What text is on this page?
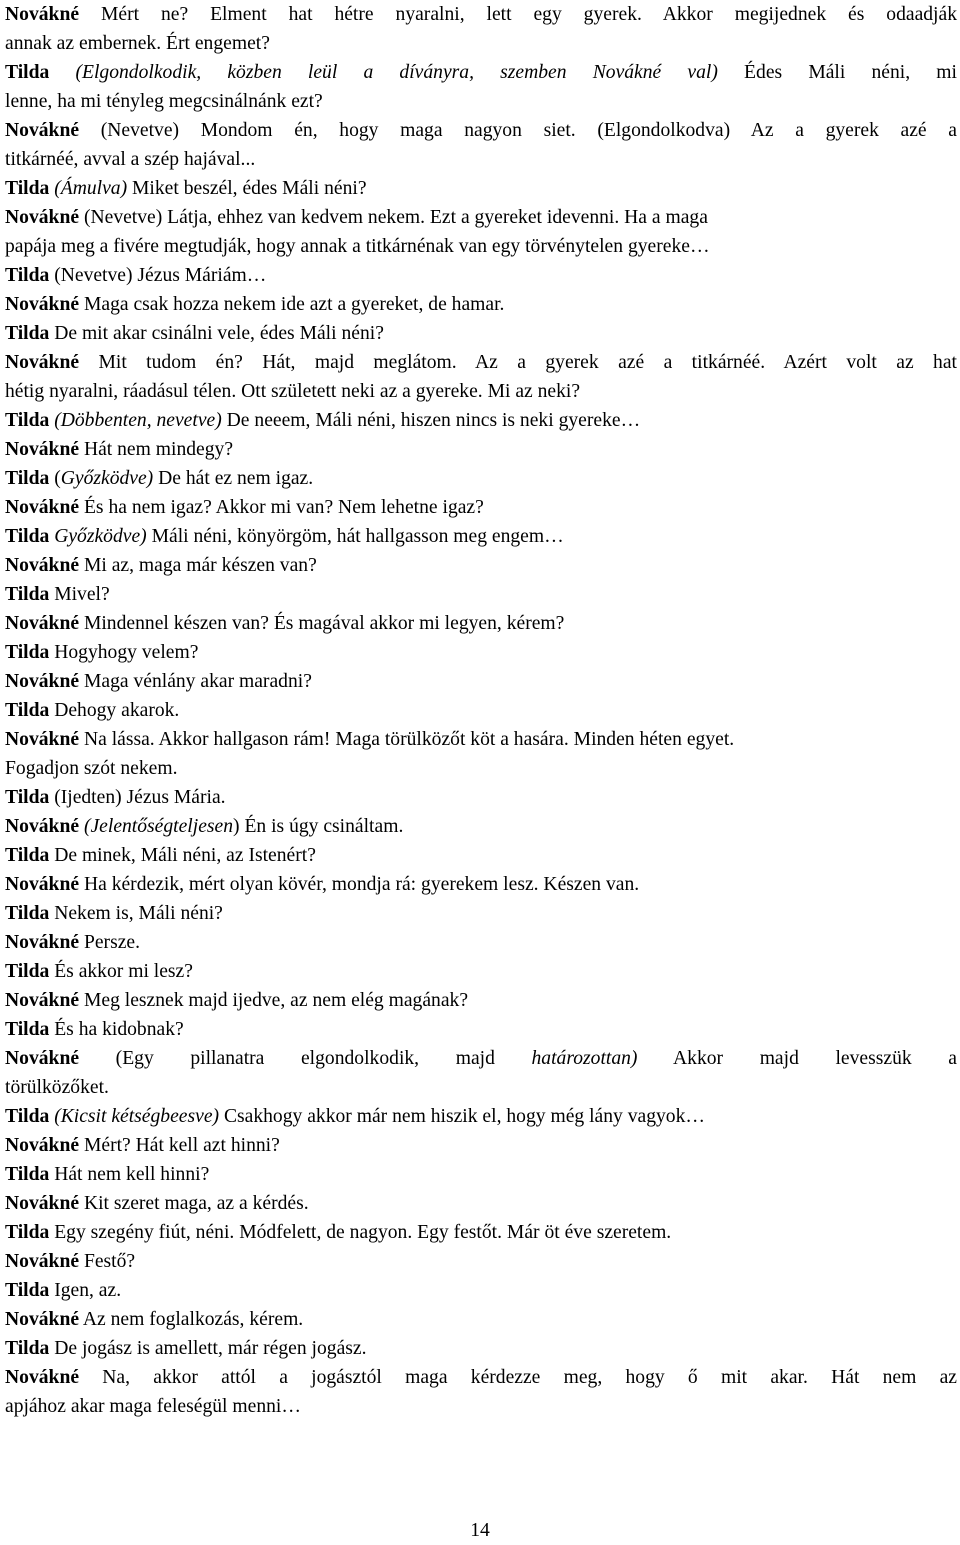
Novákné Mért ne? Elment hat hétre nyaralni, lett egy gyerek. Akkor megijednek és odaadják
annak az embernek. Ért engemet?
Tilda (Elgondolkodik, közben leül a díványra, szemben Novákné val) Édes Máli néni, mi
lenne, ha mi tényleg megcsinálnánk ezt?
Novákné (Nevetve) Mondom én, hogy maga nagyon siet. (Elgondolkodva) Az a gyerek azé a
titkárnéé, avval a szép hajával...
Tilda (Ámulva) Miket beszél, édes Máli néni?
Novákné (Nevetve) Látja, ehhez van kedvem nekem. Ezt a gyereket idevenni. Ha a maga
papája meg a fivére megtudják, hogy annak a titkárnénak van egy törvénytelen gyereke…
Tilda (Nevetve) Jézus Máriám…
Novákné Maga csak hozza nekem ide azt a gyereket, de hamar.
Tilda De mit akar csinálni vele, édes Máli néni?
Novákné Mit tudom én? Hát, majd meglátom. Az a gyerek azé a titkárnéé. Azért volt az hat
hétig nyaralni, ráadásul télen. Ott született neki az a gyereke. Mi az neki?
Tilda (Döbbenten, nevetve) De neeem, Máli néni, hiszen nincs is neki gyereke…
Novákné Hát nem mindegy?
Tilda (Győzködve) De hát ez nem igaz.
Novákné És ha nem igaz? Akkor mi van? Nem lehetne igaz?
Tilda Győzködve) Máli néni, könyörgöm, hát hallgasson meg engem…
Novákné Mi az, maga már készen van?
Tilda Mivel?
Novákné Mindennel készen van? És magával akkor mi legyen, kérem?
Tilda Hogyhogy velem?
Novákné Maga vénlány akar maradni?
Tilda Dehogy akarok.
Novákné Na lássa. Akkor hallgason rám! Maga törülközőt köt a hasára. Minden héten egyet.
Fogadjon szót nekem.
Tilda (Ijedten) Jézus Mária.
Novákné (Jelentőségteljesen) Én is úgy csináltam.
Tilda De minek, Máli néni, az Istenért?
Novákné Ha kérdezik, mért olyan kövér, mondja rá: gyerekem lesz. Készen van.
Tilda Nekem is, Máli néni?
Novákné Persze.
Tilda És akkor mi lesz?
Novákné Meg lesznek majd ijedve, az nem elég magának?
Tilda És ha kidobnak?
Novákné (Egy pillanatra elgondolkodik, majd határozottan) Akkor majd levesszük a
törülközőket.
Tilda (Kicsit kétségbeesve) Csakhogy akkor már nem hiszik el, hogy még lány vagyok…
Novákné Mért? Hát kell azt hinni?
Tilda Hát nem kell hinni?
Novákné Kit szeret maga, az a kérdés.
Tilda Egy szegény fiút, néni. Módfelett, de nagyon. Egy festőt. Már öt éve szeretem.
Novákné Festő?
Tilda Igen, az.
Novákné Az nem foglalkozás, kérem.
Tilda De jogász is amellett, már régen jogász.
Novákné Na, akkor attól a jogásztól maga kérdezze meg, hogy ő mit akar. Hát nem az
apjához akar maga feleségül menni…
14
